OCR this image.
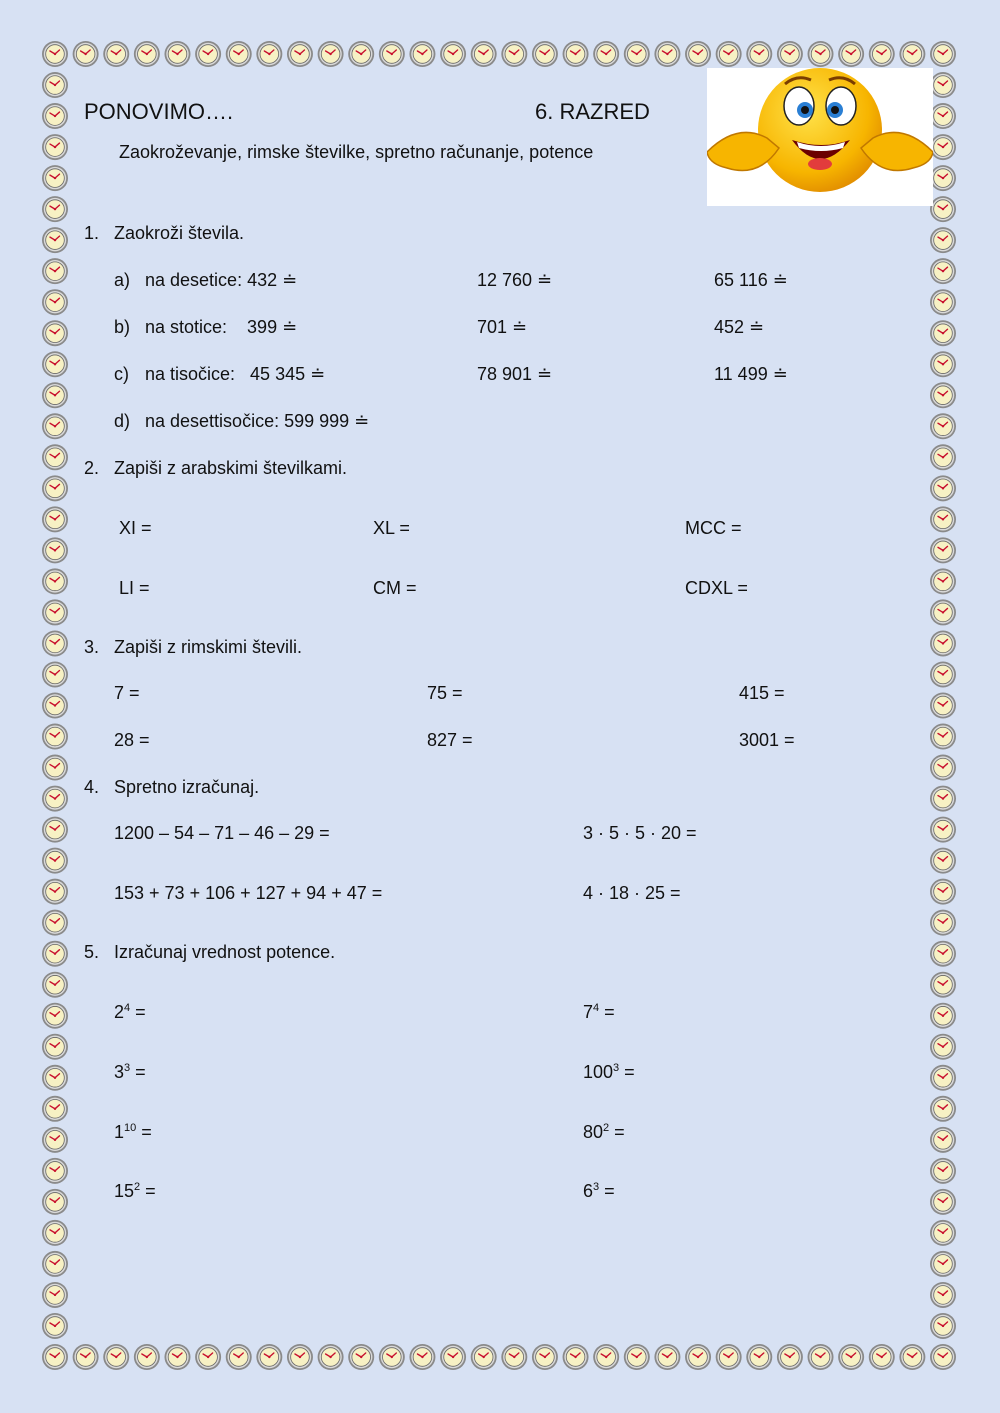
PONOVIMO….	6. RAZRED
Zaokroževanje, rimske številke, spretno računanje, potence
1. Zaokroži števila.
a) na desetice: 432 ≐	12 760 ≐	65 116 ≐
b) na stotice:    399 ≐	701 ≐	452 ≐
c) na tisočice:   45 345 ≐	78 901 ≐	11 499 ≐
d) na desettisočice: 599 999 ≐
2. Zapiši z arabskimi številkami.
XI =	XL =	MCC =
LI =	CM =	CDXL =
3. Zapiši z rimskimi števili.
7 =	75 =	415 =
28 =	827 =	3001 =
4. Spretno izračunaj.
1200 – 54 – 71 – 46 – 29 =	3 · 5 · 5 · 20 =
153 + 73 + 106 + 127 + 94 + 47 =	4 · 18 · 25 =
5. Izračunaj vrednost potence.
$2^4$ =	$7^4$ =
$3^3$ =	$100^3$ =
$1^{10}$ =	$80^2$ =
$15^2$ =	$6^3$ =
